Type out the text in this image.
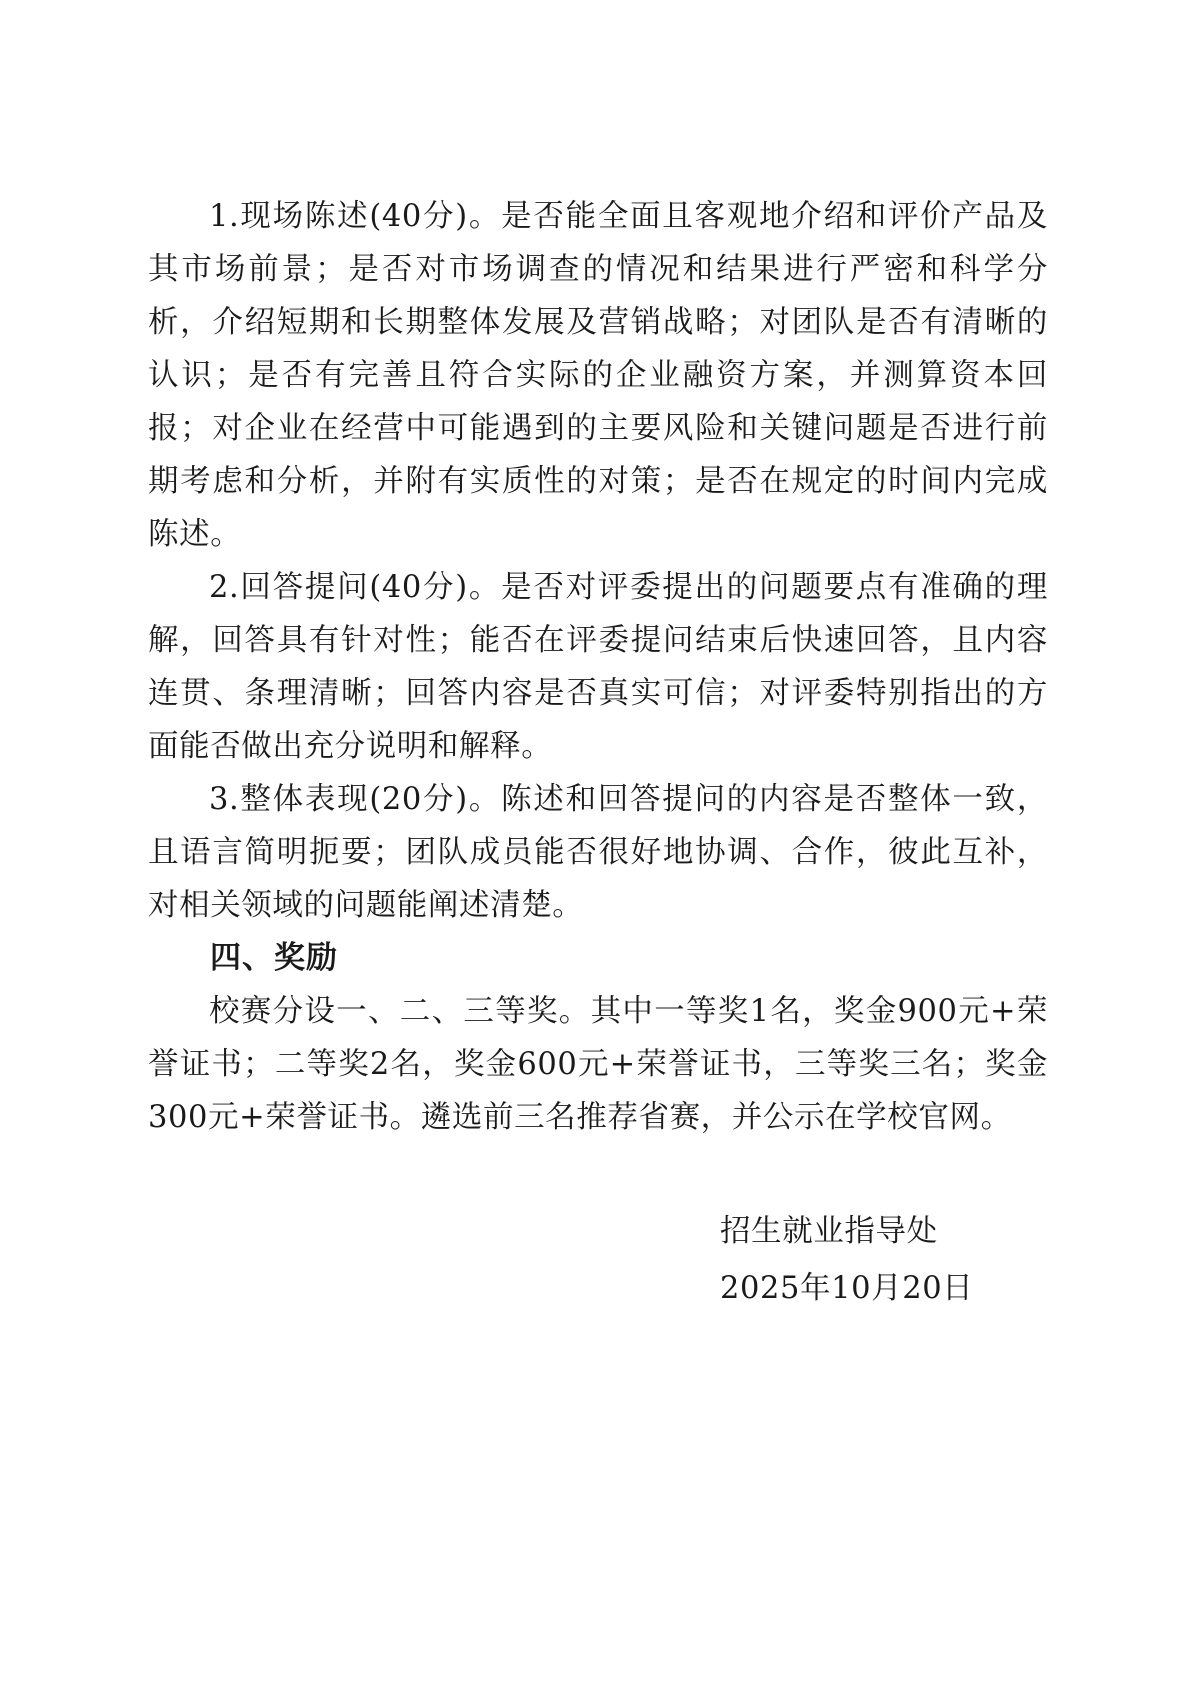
1.现场陈述(40分)。是否能全面且客观地介绍和评价产品及其市场前景；是否对市场调查的情况和结果进行严密和科学分析，介绍短期和长期整体发展及营销战略；对团队是否有清晰的认识；是否有完善且符合实际的企业融资方案，并测算资本回报；对企业在经营中可能遇到的主要风险和关键问题是否进行前期考虑和分析，并附有实质性的对策；是否在规定的时间内完成陈述。

2.回答提问(40分)。是否对评委提出的问题要点有准确的理解，回答具有针对性；能否在评委提问结束后快速回答，且内容连贯、条理清晰；回答内容是否真实可信；对评委特别指出的方面能否做出充分说明和解释。

3.整体表现(20分)。陈述和回答提问的内容是否整体一致，且语言简明扼要；团队成员能否很好地协调、合作，彼此互补，对相关领域的问题能阐述清楚。

四、奖励

校赛分设一、二、三等奖。其中一等奖1名，奖金900元+荣誉证书；二等奖2名，奖金600元+荣誉证书，三等奖三名；奖金300元+荣誉证书。遴选前三名推荐省赛，并公示在学校官网。

招生就业指导处
2025年10月20日
